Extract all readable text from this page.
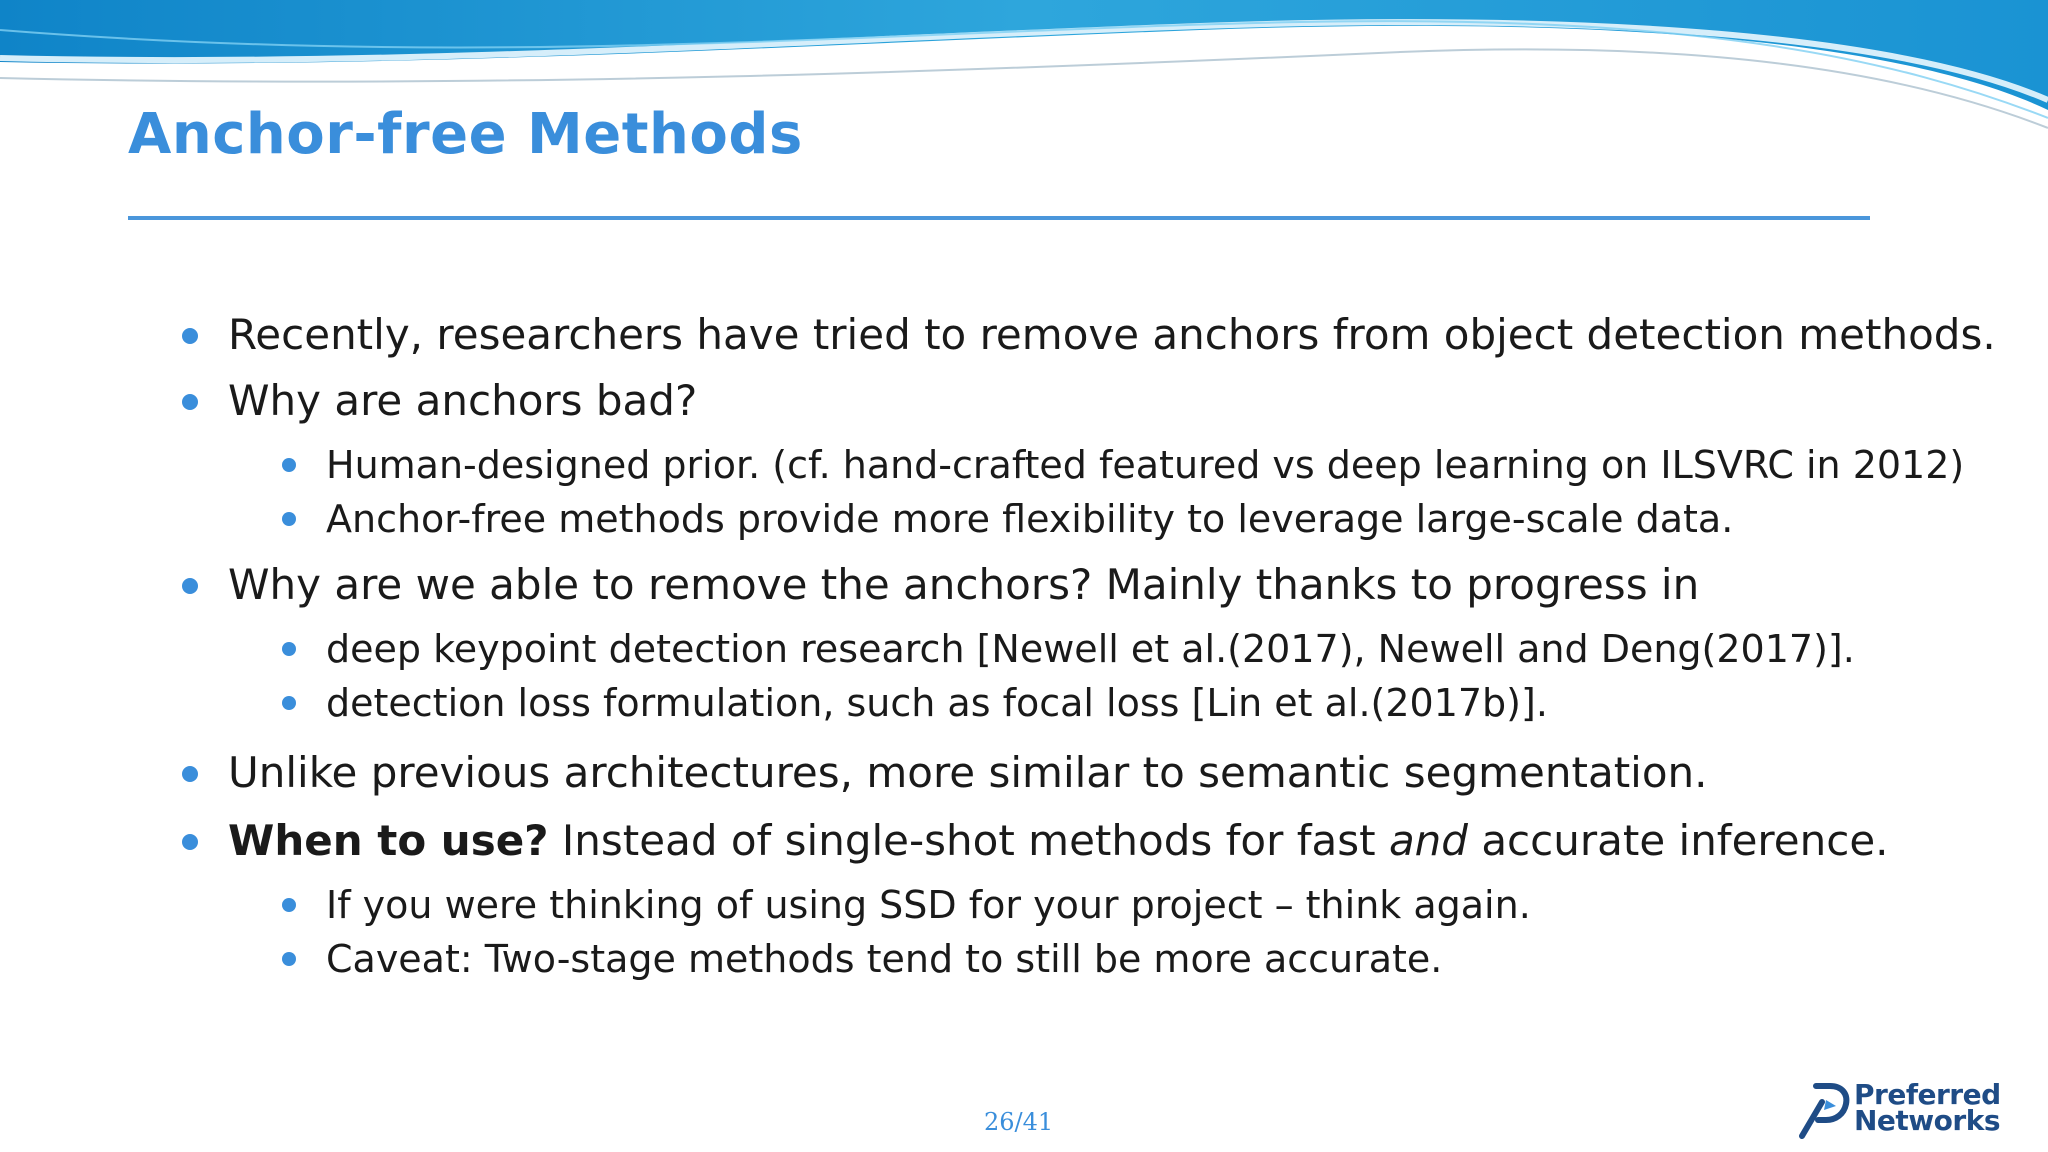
Anchor-free Methods
Recently, researchers have tried to remove anchors from object detection methods.
Why are anchors bad?
Human-designed prior. (cf. hand-crafted featured vs deep learning on ILSVRC in 2012)
Anchor-free methods provide more flexibility to leverage large-scale data.
Why are we able to remove the anchors? Mainly thanks to progress in
deep keypoint detection research [Newell et al.(2017), Newell and Deng(2017)].
detection loss formulation, such as focal loss [Lin et al.(2017b)].
Unlike previous architectures, more similar to semantic segmentation.
When to use? Instead of single-shot methods for fast and accurate inference.
If you were thinking of using SSD for your project – think again.
Caveat: Two-stage methods tend to still be more accurate.
26/41
Preferred
Networks
